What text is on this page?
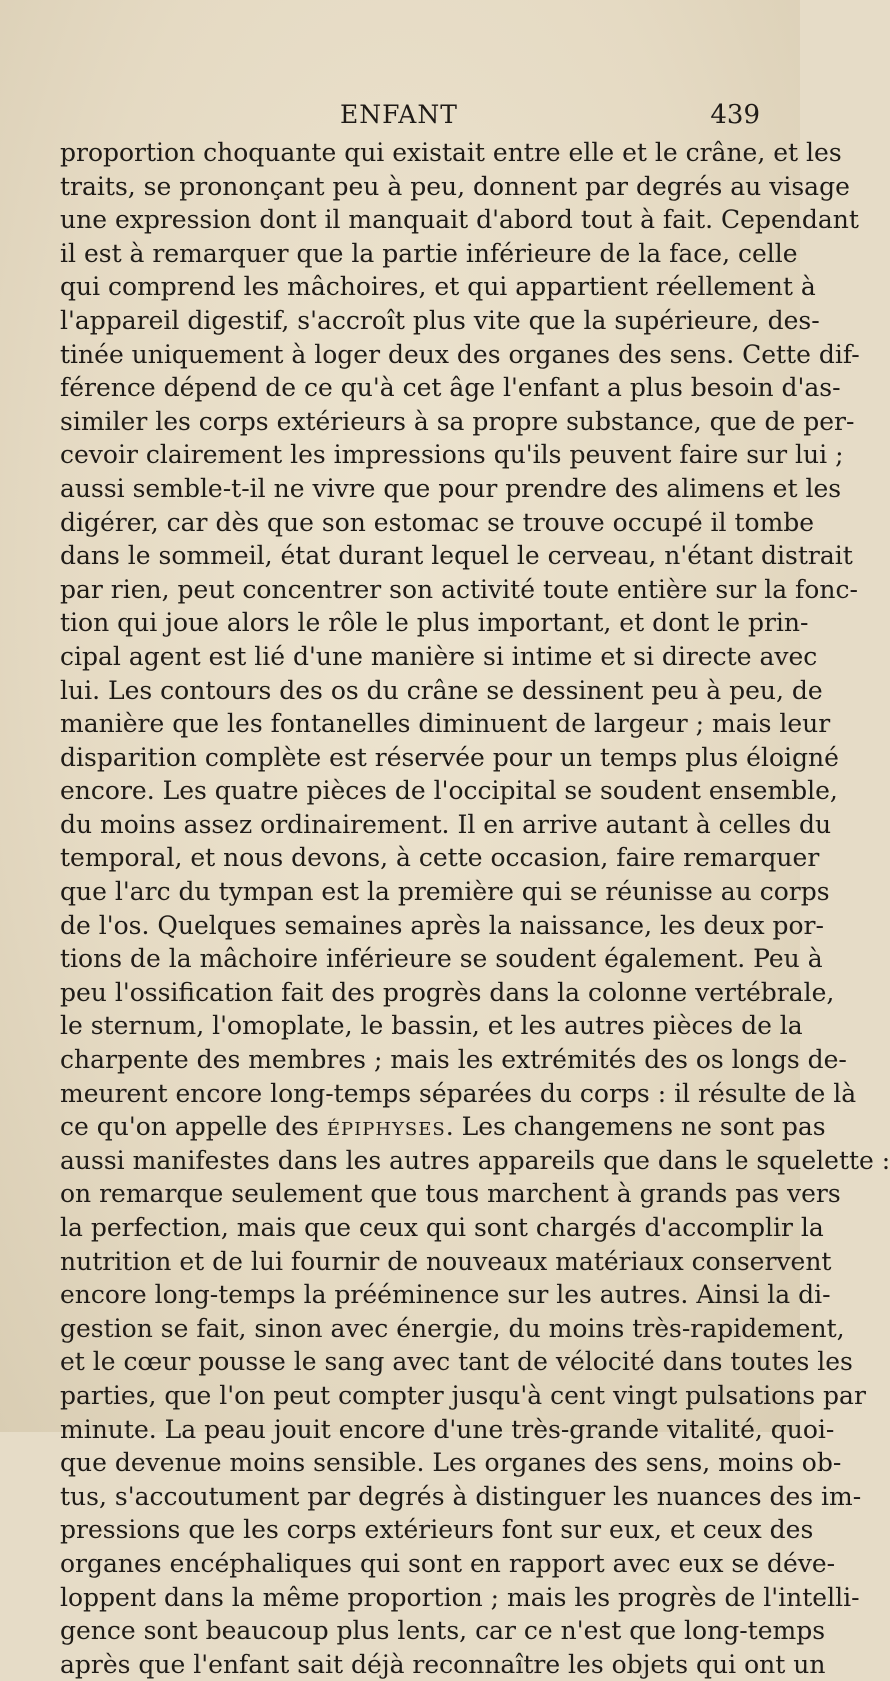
ENFANT	439
proportion choquante qui existait entre elle et le crâne, et les
traits, se prononçant peu à peu, donnent par degrés au visage
une expression dont il manquait d'abord tout à fait. Cependant
il est à remarquer que la partie inférieure de la face, celle
qui comprend les mâchoires, et qui appartient réellement à
l'appareil digestif, s'accroît plus vite que la supérieure, des-
tinée uniquement à loger deux des organes des sens. Cette dif-
férence dépend de ce qu'à cet âge l'enfant a plus besoin d'as-
similer les corps extérieurs à sa propre substance, que de per-
cevoir clairement les impressions qu'ils peuvent faire sur lui ;
aussi semble-t-il ne vivre que pour prendre des alimens et les
digérer, car dès que son estomac se trouve occupé il tombe
dans le sommeil, état durant lequel le cerveau, n'étant distrait
par rien, peut concentrer son activité toute entière sur la fonc-
tion qui joue alors le rôle le plus important, et dont le prin-
cipal agent est lié d'une manière si intime et si directe avec
lui. Les contours des os du crâne se dessinent peu à peu, de
manière que les fontanelles diminuent de largeur ; mais leur
disparition complète est réservée pour un temps plus éloigné
encore. Les quatre pièces de l'occipital se soudent ensemble,
du moins assez ordinairement. Il en arrive autant à celles du
temporal, et nous devons, à cette occasion, faire remarquer
que l'arc du tympan est la première qui se réunisse au corps
de l'os. Quelques semaines après la naissance, les deux por-
tions de la mâchoire inférieure se soudent également. Peu à
peu l'ossification fait des progrès dans la colonne vertébrale,
le sternum, l'omoplate, le bassin, et les autres pièces de la
charpente des membres ; mais les extrémités des os longs de-
meurent encore long-temps séparées du corps : il résulte de là
ce qu'on appelle des épiphyses. Les changemens ne sont pas
aussi manifestes dans les autres appareils que dans le squelette :
on remarque seulement que tous marchent à grands pas vers
la perfection, mais que ceux qui sont chargés d'accomplir la
nutrition et de lui fournir de nouveaux matériaux conservent
encore long-temps la prééminence sur les autres. Ainsi la di-
gestion se fait, sinon avec énergie, du moins très-rapidement,
et le cœur pousse le sang avec tant de vélocité dans toutes les
parties, que l'on peut compter jusqu'à cent vingt pulsations par
minute. La peau jouit encore d'une très-grande vitalité, quoi-
que devenue moins sensible. Les organes des sens, moins ob-
tus, s'accoutument par degrés à distinguer les nuances des im-
pressions que les corps extérieurs font sur eux, et ceux des
organes encéphaliques qui sont en rapport avec eux se déve-
loppent dans la même proportion ; mais les progrès de l'intelli-
gence sont beaucoup plus lents, car ce n'est que long-temps
après que l'enfant sait déjà reconnaître les objets qui ont un
